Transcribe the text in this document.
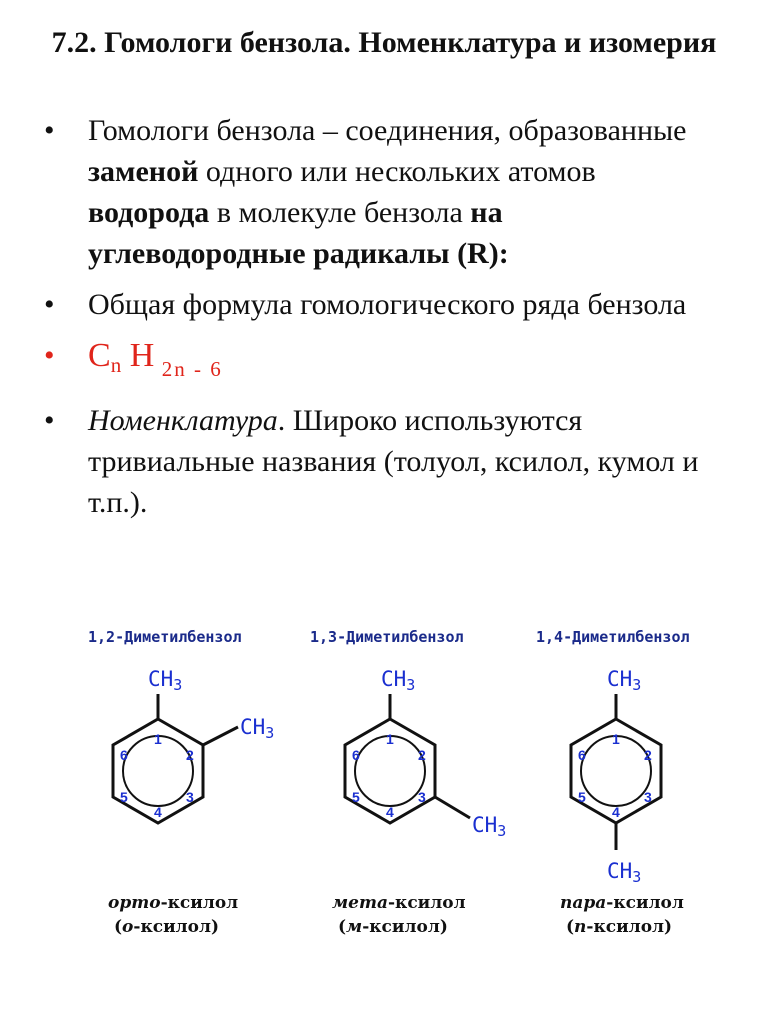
7.2. Гомологи бензола. Номенклатура и изомерия
• Гомологи бензола – соединения, образованные заменой одного или нескольких атомов водорода в молекуле бензола на углеводородные радикалы (R):
• Общая формула гомологического ряда бензола
• $C_n$ H $_{2n - 6}$
• Номенклатура. Широко используются тривиальные названия (толуол, ксилол, кумол и т.п.).
1,2-Диметилбензол
CH3
CH3
1
2
3
4
5
6
орто-ксилол
(о-ксилол)
1,3-Диметилбензол
CH3
CH3
1
2
3
4
5
6
мета-ксилол
(м-ксилол)
1,4-Диметилбензол
CH3
CH3
1
2
3
4
5
6
пара-ксилол
(п-ксилол)
